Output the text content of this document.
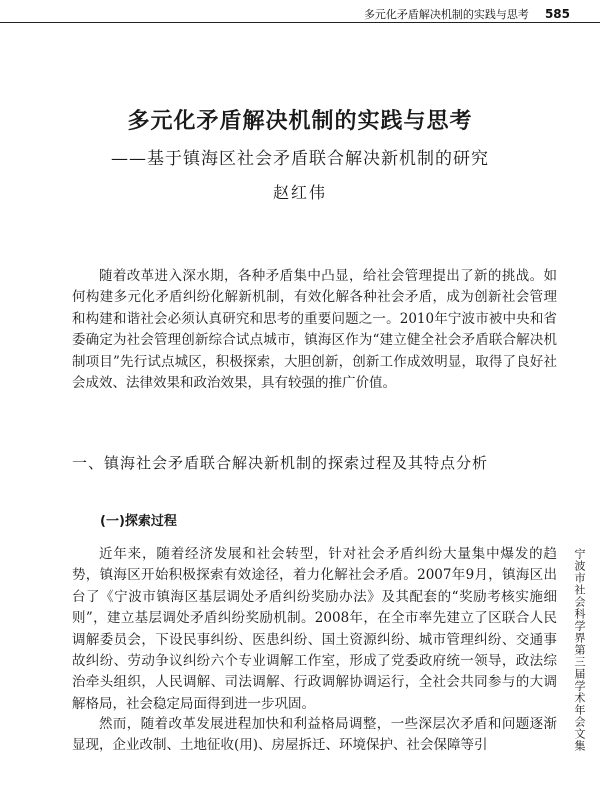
多元化矛盾解决机制的实践与思考 585
多元化矛盾解决机制的实践与思考
——基于镇海区社会矛盾联合解决新机制的研究
赵红伟

随着改革进入深水期，各种矛盾集中凸显，给社会管理提出了新的挑战。如何构建多元化矛盾纠纷化解新机制，有效化解各种社会矛盾，成为创新社会管理和构建和谐社会必须认真研究和思考的重要问题之一。2010年宁波市被中央和省委确定为社会管理创新综合试点城市，镇海区作为“建立健全社会矛盾联合解决机制项目”先行试点城区，积极探索，大胆创新，创新工作成效明显，取得了良好社会成效、法律效果和政治效果，具有较强的推广价值。

一、镇海社会矛盾联合解决新机制的探索过程及其特点分析
(一)探索过程

近年来，随着经济发展和社会转型，针对社会矛盾纠纷大量集中爆发的趋势，镇海区开始积极探索有效途径，着力化解社会矛盾。2007年9月，镇海区出台了《宁波市镇海区基层调处矛盾纠纷奖励办法》及其配套的“奖励考核实施细则”，建立基层调处矛盾纠纷奖励机制。2008年，在全市率先建立了区联合人民调解委员会，下设民事纠纷、医患纠纷、国土资源纠纷、城市管理纠纷、交通事故纠纷、劳动争议纠纷六个专业调解工作室，形成了党委政府统一领导，政法综治牵头组织，人民调解、司法调解、行政调解协调运行，全社会共同参与的大调解格局，社会稳定局面得到进一步巩固。

然而，随着改革发展进程加快和利益格局调整，一些深层次矛盾和问题逐渐显现，企业改制、土地征收(用)、房屋拆迁、环境保护、社会保障等引	宁波市社会科学界第三届学术年会文集
